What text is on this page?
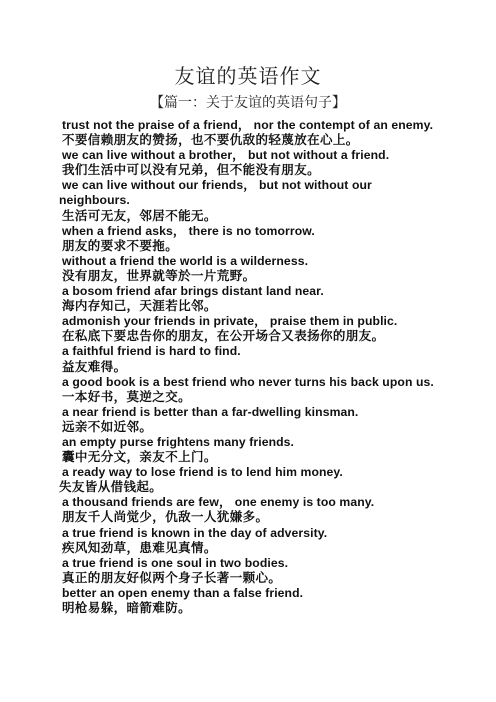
友谊的英语作文
【篇一：关于友谊的英语句子】
trust not the praise of a friend， nor the contempt of an enemy.
不要信赖朋友的赞扬，也不要仇敌的轻蔑放在心上。
we can live without a brother， but not without a friend.
我们生活中可以没有兄弟，但不能没有朋友。
we can live without our friends， but not without our
neighbours.
生活可无友，邻居不能无。
when a friend asks， there is no tomorrow.
朋友的要求不要拖。
without a friend the world is a wilderness.
没有朋友，世界就等於一片荒野。
a bosom friend afar brings distant land near.
海内存知己，天涯若比邻。
admonish your friends in private， praise them in public.
在私底下要忠告你的朋友，在公开场合又表扬你的朋友。
a faithful friend is hard to find.
益友难得。
a good book is a best friend who never turns his back upon us.
一本好书，莫逆之交。
a near friend is better than a far-dwelling kinsman.
远亲不如近邻。
an empty purse frightens many friends.
囊中无分文，亲友不上门。
a ready way to lose friend is to lend him money.
失友皆从借钱起。
a thousand friends are few， one enemy is too many.
朋友千人尚觉少，仇敌一人犹嫌多。
a true friend is known in the day of adversity.
疾风知劲草，患难见真情。
a true friend is one soul in two bodies.
真正的朋友好似两个身子长著一颗心。
better an open enemy than a false friend.
明枪易躲，暗箭难防。
